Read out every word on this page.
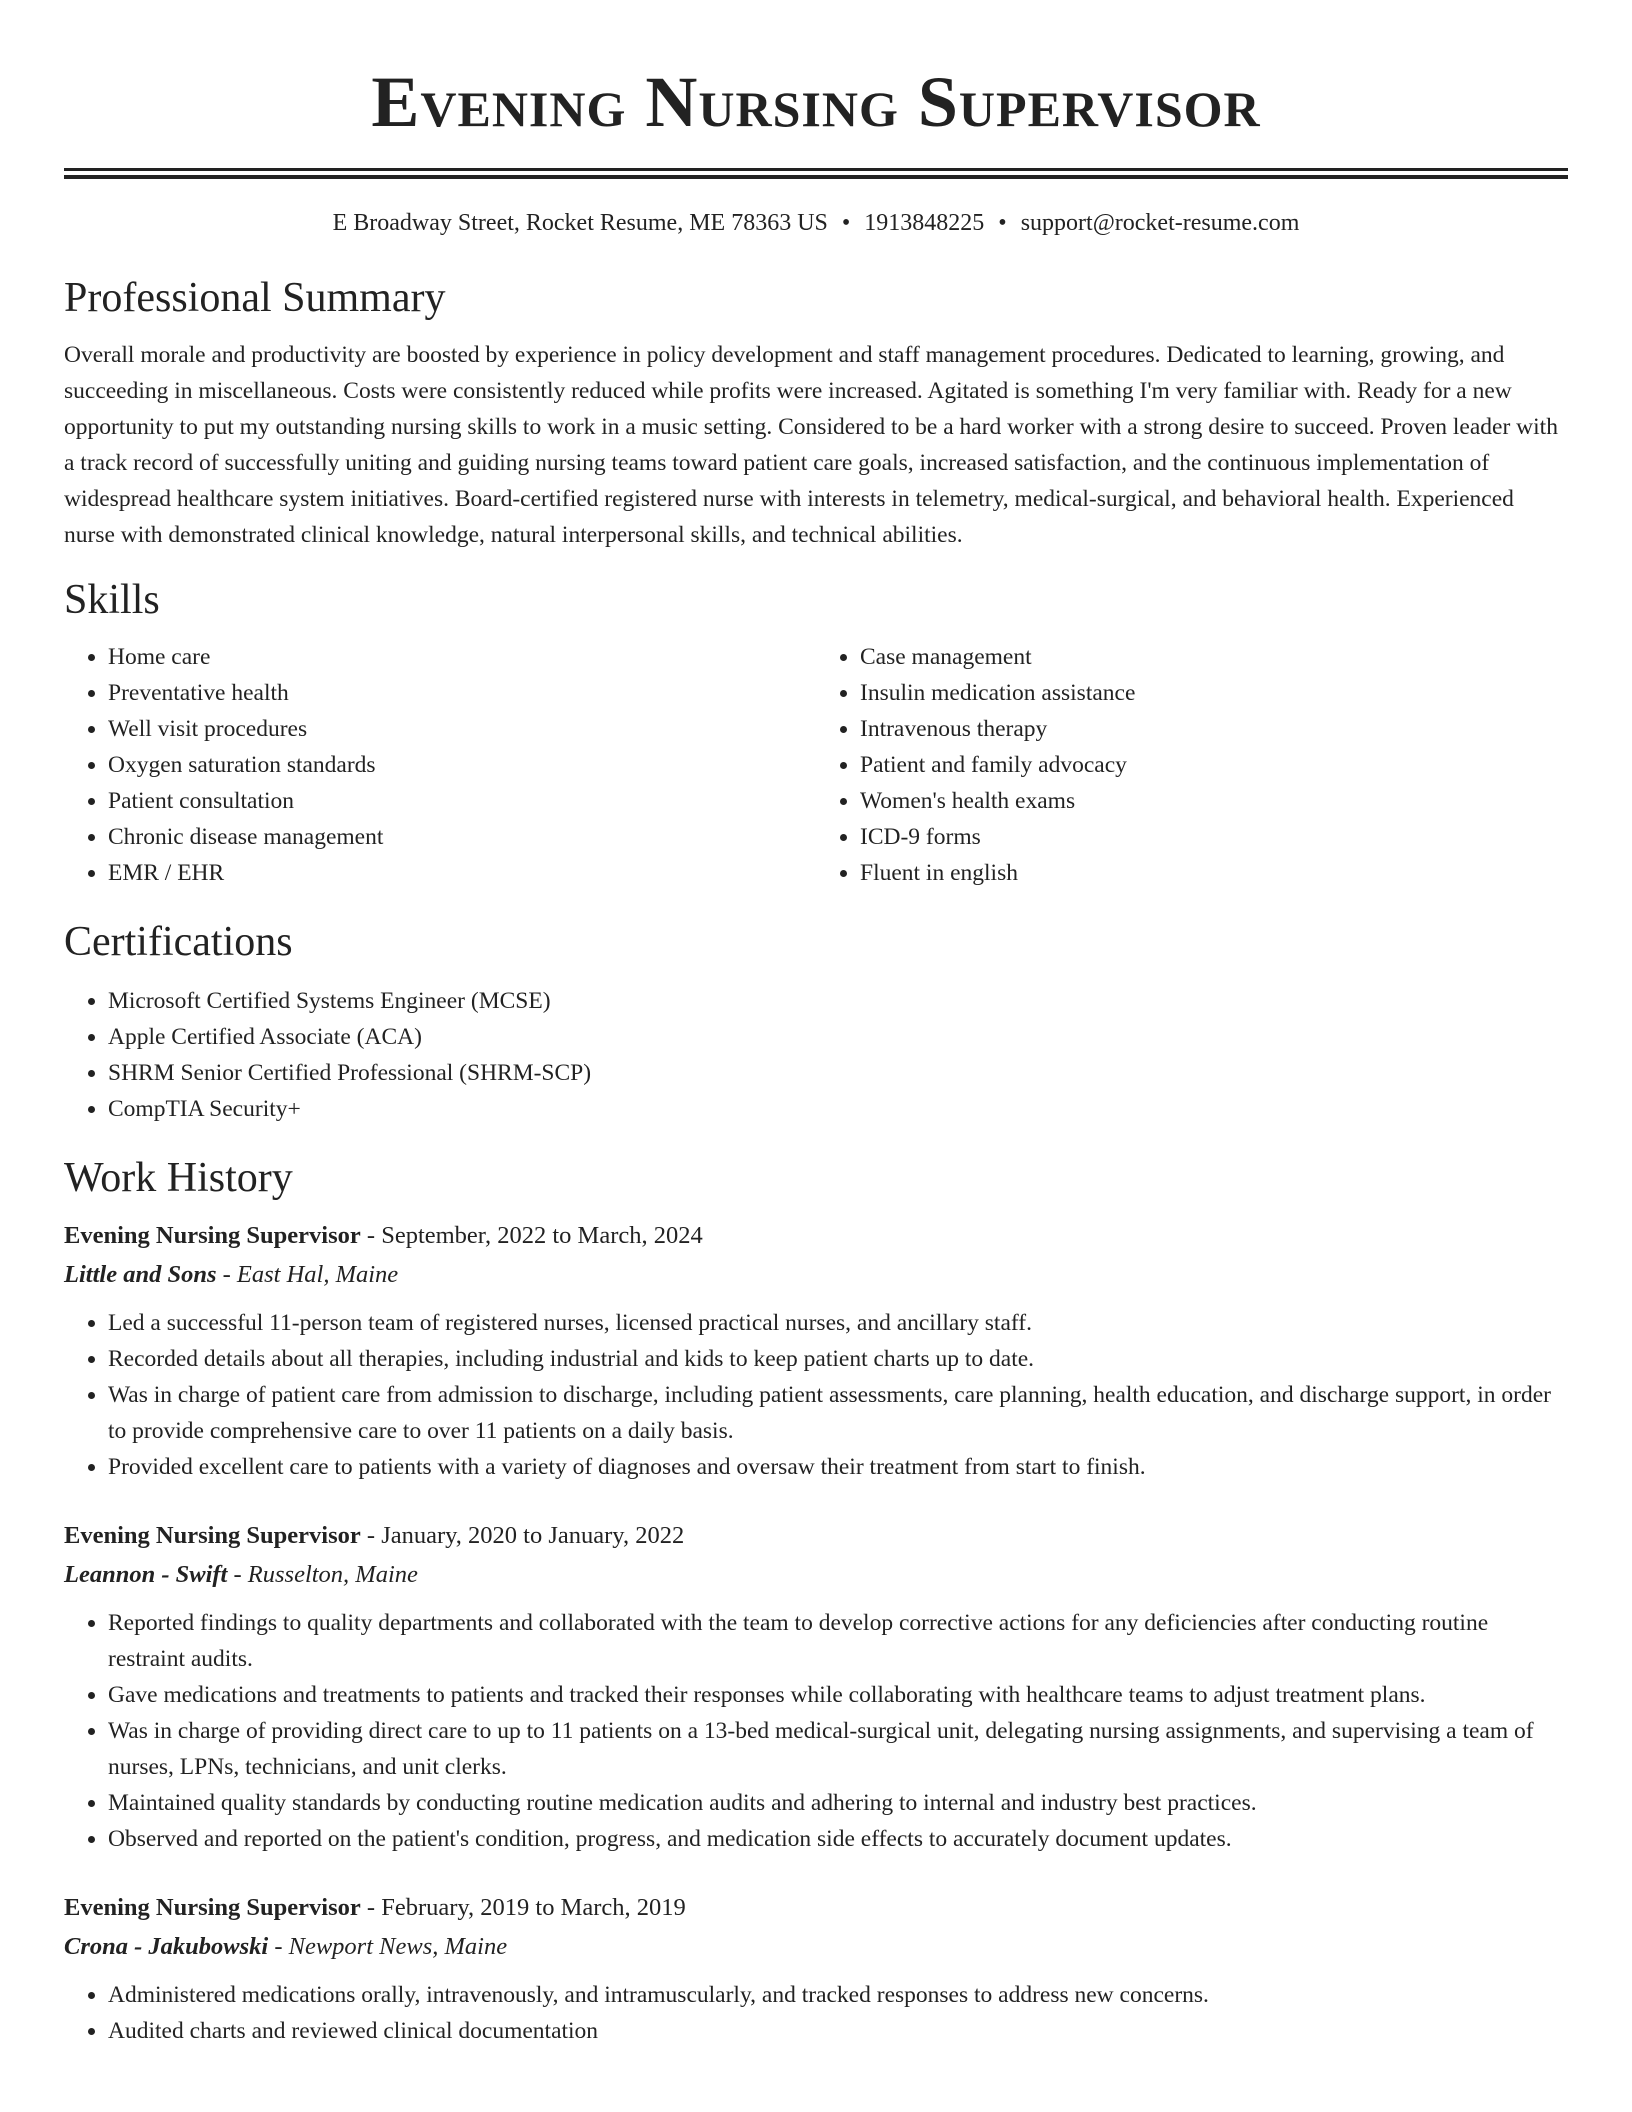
Evening Nursing Supervisor
E Broadway Street, Rocket Resume, ME 78363 US • 1913848225 • support@rocket-resume.com
Professional Summary
Overall morale and productivity are boosted by experience in policy development and staff management procedures. Dedicated to learning, growing, and succeeding in miscellaneous. Costs were consistently reduced while profits were increased. Agitated is something I'm very familiar with. Ready for a new opportunity to put my outstanding nursing skills to work in a music setting. Considered to be a hard worker with a strong desire to succeed. Proven leader with a track record of successfully uniting and guiding nursing teams toward patient care goals, increased satisfaction, and the continuous implementation of widespread healthcare system initiatives. Board-certified registered nurse with interests in telemetry, medical-surgical, and behavioral health. Experienced nurse with demonstrated clinical knowledge, natural interpersonal skills, and technical abilities.
Skills
• Home care
• Preventative health
• Well visit procedures
• Oxygen saturation standards
• Patient consultation
• Chronic disease management
• EMR / EHR
• Case management
• Insulin medication assistance
• Intravenous therapy
• Patient and family advocacy
• Women's health exams
• ICD-9 forms
• Fluent in english
Certifications
• Microsoft Certified Systems Engineer (MCSE)
• Apple Certified Associate (ACA)
• SHRM Senior Certified Professional (SHRM-SCP)
• CompTIA Security+
Work History
Evening Nursing Supervisor - September, 2022 to March, 2024
Little and Sons - East Hal, Maine
• Led a successful 11-person team of registered nurses, licensed practical nurses, and ancillary staff.
• Recorded details about all therapies, including industrial and kids to keep patient charts up to date.
• Was in charge of patient care from admission to discharge, including patient assessments, care planning, health education, and discharge support, in order to provide comprehensive care to over 11 patients on a daily basis.
• Provided excellent care to patients with a variety of diagnoses and oversaw their treatment from start to finish.
Evening Nursing Supervisor - January, 2020 to January, 2022
Leannon - Swift - Russelton, Maine
• Reported findings to quality departments and collaborated with the team to develop corrective actions for any deficiencies after conducting routine restraint audits.
• Gave medications and treatments to patients and tracked their responses while collaborating with healthcare teams to adjust treatment plans.
• Was in charge of providing direct care to up to 11 patients on a 13-bed medical-surgical unit, delegating nursing assignments, and supervising a team of nurses, LPNs, technicians, and unit clerks.
• Maintained quality standards by conducting routine medication audits and adhering to internal and industry best practices.
• Observed and reported on the patient's condition, progress, and medication side effects to accurately document updates.
Evening Nursing Supervisor - February, 2019 to March, 2019
Crona - Jakubowski - Newport News, Maine
• Administered medications orally, intravenously, and intramuscularly, and tracked responses to address new concerns.
• Audited charts and reviewed clinical documentation
